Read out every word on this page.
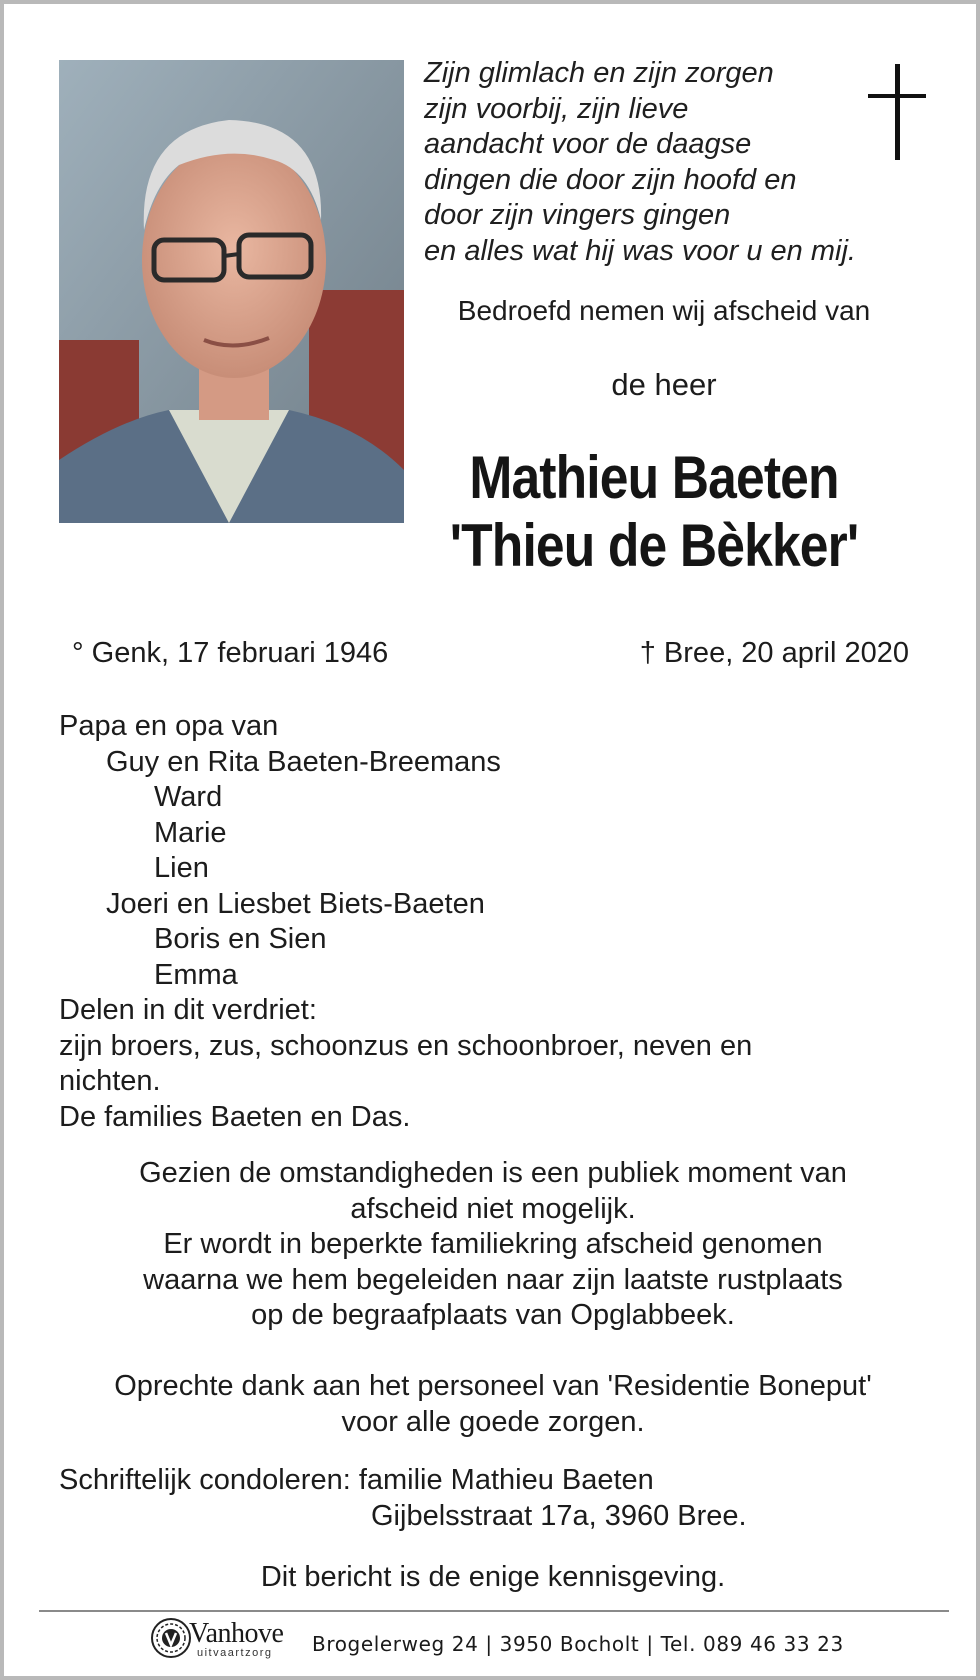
Zijn glimlach en zijn zorgen
zijn voorbij, zijn lieve
aandacht voor de daagse
dingen die door zijn hoofd en
door zijn vingers gingen
en alles wat hij was voor u en mij.
Bedroefd nemen wij afscheid van
de heer
Mathieu Baeten
'Thieu de Bèkker'
° Genk, 17 februari 1946	† Bree, 20 april 2020
Papa en opa van
Guy en Rita Baeten-Breemans
Ward
Marie
Lien
Joeri en Liesbet Biets-Baeten
Boris en Sien
Emma
Delen in dit verdriet:
zijn broers, zus, schoonzus en schoonbroer, neven en nichten.
De families Baeten en Das.
Gezien de omstandigheden is een publiek moment van
afscheid niet mogelijk.
Er wordt in beperkte familiekring afscheid genomen
waarna we hem begeleiden naar zijn laatste rustplaats
op de begraafplaats van Opglabbeek.
Oprechte dank aan het personeel van 'Residentie Boneput'
voor alle goede zorgen.
Schriftelijk condoleren: familie Mathieu Baeten
Gijbelsstraat 17a, 3960 Bree.
Dit bericht is de enige kennisgeving.
Vanhove
uitvaartzorg Brogelerweg 24 | 3950 Bocholt | Tel. 089 46 33 23
